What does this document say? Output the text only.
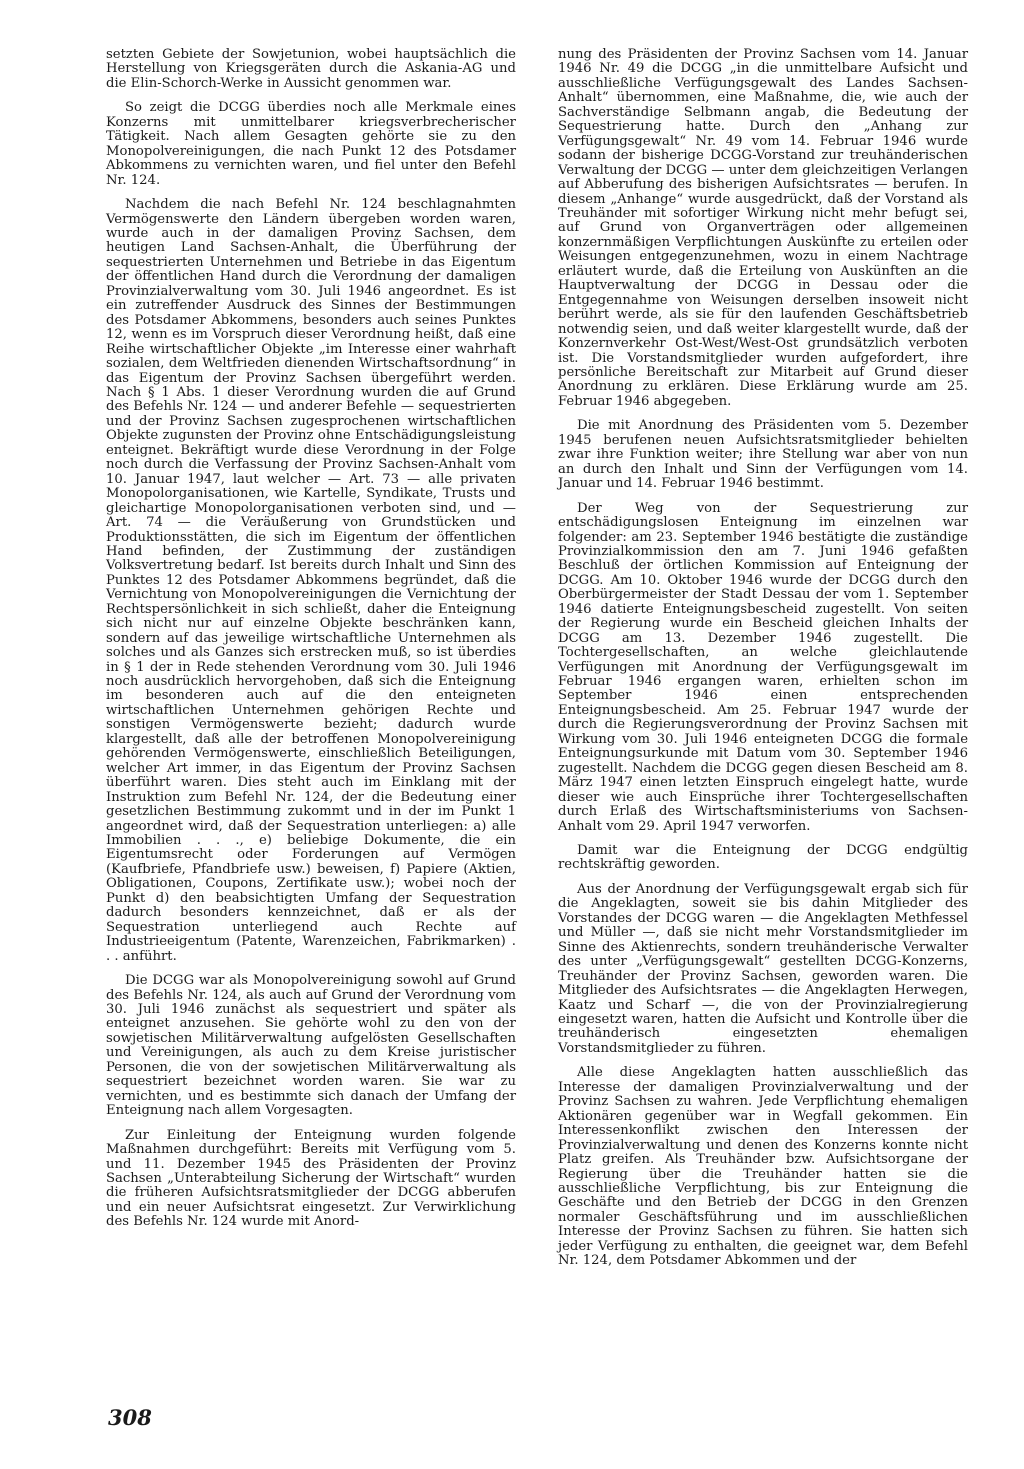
setzten Gebiete der Sowjetunion, wobei hauptsächlich die Herstellung von Kriegsgeräten durch die Askania-AG und die Elin-Schorch-Werke in Aussicht genommen war.

So zeigt die DCGG überdies noch alle Merkmale eines Konzerns mit unmittelbarer kriegsverbrecherischer Tätigkeit. Nach allem Gesagten gehörte sie zu den Monopolvereinigungen, die nach Punkt 12 des Potsdamer Abkommens zu vernichten waren, und fiel unter den Befehl Nr. 124.

Nachdem die nach Befehl Nr. 124 beschlagnahmten Vermögenswerte den Ländern übergeben worden waren, wurde auch in der damaligen Provinz Sachsen, dem heutigen Land Sachsen-Anhalt, die Überführung der sequestrierten Unternehmen und Betriebe in das Eigentum der öffentlichen Hand durch die Verordnung der damaligen Provinzialverwaltung vom 30. Juli 1946 angeordnet. Es ist ein zutreffender Ausdruck des Sinnes der Bestimmungen des Potsdamer Abkommens, besonders auch seines Punktes 12, wenn es im Vorspruch dieser Verordnung heißt, daß eine Reihe wirtschaftlicher Objekte „im Interesse einer wahrhaft sozialen, dem Weltfrieden dienenden Wirtschaftsordnung“ in das Eigentum der Provinz Sachsen übergeführt werden. Nach § 1 Abs. 1 dieser Verordnung wurden die auf Grund des Befehls Nr. 124 — und anderer Befehle — sequestrierten und der Provinz Sachsen zugesprochenen wirtschaftlichen Objekte zugunsten der Provinz ohne Entschädigungsleistung enteignet. Bekräftigt wurde diese Verordnung in der Folge noch durch die Verfassung der Provinz Sachsen-Anhalt vom 10. Januar 1947, laut welcher — Art. 73 — alle privaten Monopolorganisationen, wie Kartelle, Syndikate, Trusts und gleichartige Monopolorganisationen verboten sind, und — Art. 74 — die Veräußerung von Grundstücken und Produktionsstätten, die sich im Eigentum der öffentlichen Hand befinden, der Zustimmung der zuständigen Volksvertretung bedarf. Ist bereits durch Inhalt und Sinn des Punktes 12 des Potsdamer Abkommens begründet, daß die Vernichtung von Monopolvereinigungen die Vernichtung der Rechtspersönlichkeit in sich schließt, daher die Enteignung sich nicht nur auf einzelne Objekte beschränken kann, sondern auf das jeweilige wirtschaftliche Unternehmen als solches und als Ganzes sich erstrecken muß, so ist überdies in § 1 der in Rede stehenden Verordnung vom 30. Juli 1946 noch ausdrücklich hervorgehoben, daß sich die Enteignung im besonderen auch auf die den enteigneten wirtschaftlichen Unternehmen gehörigen Rechte und sonstigen Vermögenswerte bezieht; dadurch wurde klargestellt, daß alle der betroffenen Monopolvereinigung gehörenden Vermögenswerte, einschließlich Beteiligungen, welcher Art immer, in das Eigentum der Provinz Sachsen überführt waren. Dies steht auch im Einklang mit der Instruktion zum Befehl Nr. 124, der die Bedeutung einer gesetzlichen Bestimmung zukommt und in der im Punkt 1 angeordnet wird, daß der Sequestration unterliegen: a) alle Immobilien . . ., e) beliebige Dokumente, die ein Eigentumsrecht oder Forderungen auf Vermögen (Kaufbriefe, Pfandbriefe usw.) beweisen, f) Papiere (Aktien, Obligationen, Coupons, Zertifikate usw.); wobei noch der Punkt d) den beabsichtigten Umfang der Sequestration dadurch besonders kennzeichnet, daß er als der Sequestration unterliegend auch Rechte auf Industrieeigentum (Patente, Warenzeichen, Fabrikmarken) . . . anführt.

Die DCGG war als Monopolvereinigung sowohl auf Grund des Befehls Nr. 124, als auch auf Grund der Verordnung vom 30. Juli 1946 zunächst als sequestriert und später als enteignet anzusehen. Sie gehörte wohl zu den von der sowjetischen Militärverwaltung aufgelösten Gesellschaften und Vereinigungen, als auch zu dem Kreise juristischer Personen, die von der sowjetischen Militärverwaltung als sequestriert bezeichnet worden waren. Sie war zu vernichten, und es bestimmte sich danach der Umfang der Enteignung nach allem Vorgesagten.

Zur Einleitung der Enteignung wurden folgende Maßnahmen durchgeführt: Bereits mit Verfügung vom 5. und 11. Dezember 1945 des Präsidenten der Provinz Sachsen „Unterabteilung Sicherung der Wirtschaft“ wurden die früheren Aufsichtsratsmitglieder der DCGG abberufen und ein neuer Aufsichtsrat eingesetzt. Zur Verwirklichung des Befehls Nr. 124 wurde mit Anord-

nung des Präsidenten der Provinz Sachsen vom 14. Januar 1946 Nr. 49 die DCGG „in die unmittelbare Aufsicht und ausschließliche Verfügungsgewalt des Landes Sachsen-Anhalt“ übernommen, eine Maßnahme, die, wie auch der Sachverständige Selbmann angab, die Bedeutung der Sequestrierung hatte. Durch den „Anhang zur Verfügungsgewalt“ Nr. 49 vom 14. Februar 1946 wurde sodann der bisherige DCGG-Vorstand zur treuhänderischen Verwaltung der DCGG — unter dem gleichzeitigen Verlangen auf Abberufung des bisherigen Aufsichtsrates — berufen. In diesem „Anhange“ wurde ausgedrückt, daß der Vorstand als Treuhänder mit sofortiger Wirkung nicht mehr befugt sei, auf Grund von Organverträgen oder allgemeinen konzernmäßigen Verpflichtungen Auskünfte zu erteilen oder Weisungen entgegenzunehmen, wozu in einem Nachtrage erläutert wurde, daß die Erteilung von Auskünften an die Hauptverwaltung der DCGG in Dessau oder die Entgegennahme von Weisungen derselben insoweit nicht berührt werde, als sie für den laufenden Geschäftsbetrieb notwendig seien, und daß weiter klargestellt wurde, daß der Konzernverkehr Ost-West/West-Ost grundsätzlich verboten ist. Die Vorstandsmitglieder wurden aufgefordert, ihre persönliche Bereitschaft zur Mitarbeit auf Grund dieser Anordnung zu erklären. Diese Erklärung wurde am 25. Februar 1946 abgegeben.

Die mit Anordnung des Präsidenten vom 5. Dezember 1945 berufenen neuen Aufsichtsratsmitglieder behielten zwar ihre Funktion weiter; ihre Stellung war aber von nun an durch den Inhalt und Sinn der Verfügungen vom 14. Januar und 14. Februar 1946 bestimmt.

Der Weg von der Sequestrierung zur entschädigungslosen Enteignung im einzelnen war folgender: am 23. September 1946 bestätigte die zuständige Provinzialkommission den am 7. Juni 1946 gefaßten Beschluß der örtlichen Kommission auf Enteignung der DCGG. Am 10. Oktober 1946 wurde der DCGG durch den Oberbürgermeister der Stadt Dessau der vom 1. September 1946 datierte Enteignungsbescheid zugestellt. Von seiten der Regierung wurde ein Bescheid gleichen Inhalts der DCGG am 13. Dezember 1946 zugestellt. Die Tochtergesellschaften, an welche gleichlautende Verfügungen mit Anordnung der Verfügungsgewalt im Februar 1946 ergangen waren, erhielten schon im September 1946 einen entsprechenden Enteignungsbescheid. Am 25. Februar 1947 wurde der durch die Regierungsverordnung der Provinz Sachsen mit Wirkung vom 30. Juli 1946 enteigneten DCGG die formale Enteignungsurkunde mit Datum vom 30. September 1946 zugestellt. Nachdem die DCGG gegen diesen Bescheid am 8. März 1947 einen letzten Einspruch eingelegt hatte, wurde dieser wie auch Einsprüche ihrer Tochtergesellschaften durch Erlaß des Wirtschaftsministeriums von Sachsen-Anhalt vom 29. April 1947 verworfen.

Damit war die Enteignung der DCGG endgültig rechtskräftig geworden.

Aus der Anordnung der Verfügungsgewalt ergab sich für die Angeklagten, soweit sie bis dahin Mitglieder des Vorstandes der DCGG waren — die Angeklagten Methfessel und Müller —, daß sie nicht mehr Vorstandsmitglieder im Sinne des Aktienrechts, sondern treuhänderische Verwalter des unter „Verfügungsgewalt“ gestellten DCGG-Konzerns, Treuhänder der Provinz Sachsen, geworden waren. Die Mitglieder des Aufsichtsrates — die Angeklagten Herwegen, Kaatz und Scharf —, die von der Provinzialregierung eingesetzt waren, hatten die Aufsicht und Kontrolle über die treuhänderisch eingesetzten ehemaligen Vorstandsmitglieder zu führen.

Alle diese Angeklagten hatten ausschließlich das Interesse der damaligen Provinzialverwaltung und der Provinz Sachsen zu wahren. Jede Verpflichtung ehemaligen Aktionären gegenüber war in Wegfall gekommen. Ein Interessenkonflikt zwischen den Interessen der Provinzialverwaltung und denen des Konzerns konnte nicht Platz greifen. Als Treuhänder bzw. Aufsichtsorgane der Regierung über die Treuhänder hatten sie die ausschließliche Verpflichtung, bis zur Enteignung die Geschäfte und den Betrieb der DCGG in den Grenzen normaler Geschäftsführung und im ausschließlichen Interesse der Provinz Sachsen zu führen. Sie hatten sich jeder Verfügung zu enthalten, die geeignet war, dem Befehl Nr. 124, dem Potsdamer Abkommen und der

308
